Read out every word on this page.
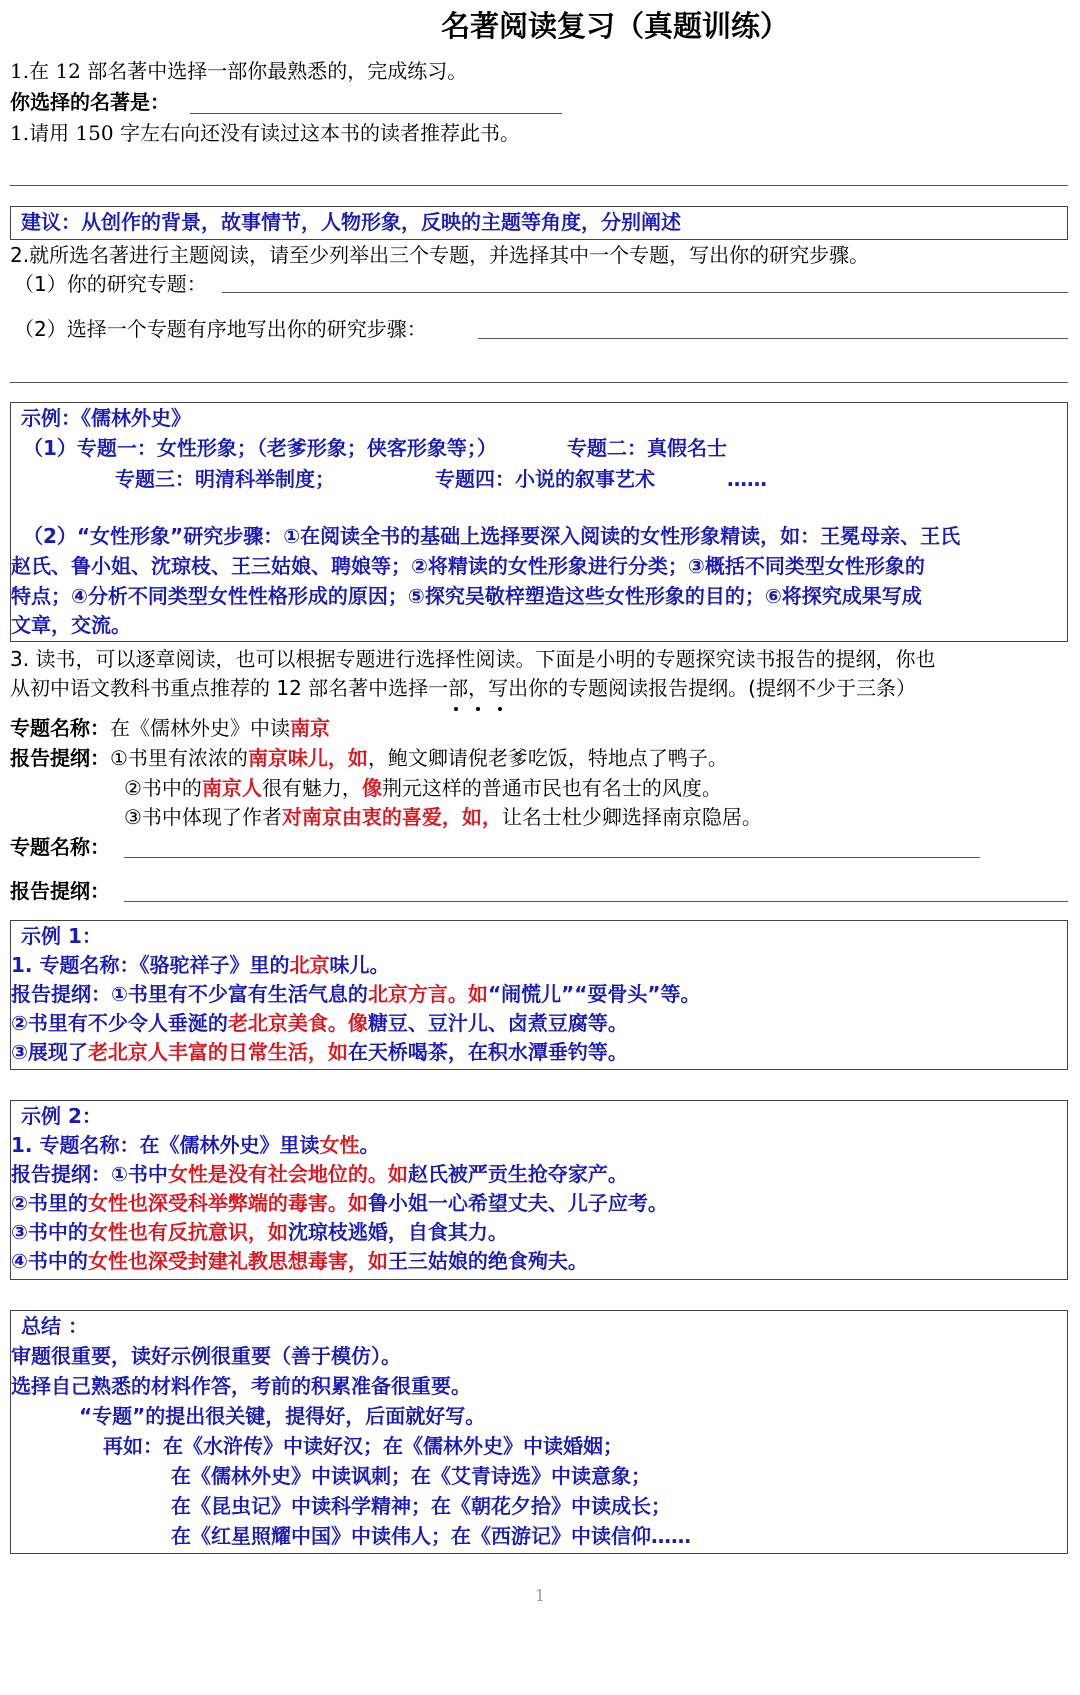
名著阅读复习（真题训练）
1.在 12 部名著中选择一部你最熟悉的，完成练习。
你选择的名著是：
1.请用 150 字左右向还没有读过这本书的读者推荐此书。
建议：从创作的背景，故事情节，人物形象，反映的主题等角度，分别阐述
2.就所选名著进行主题阅读，请至少列举出三个专题，并选择其中一个专题，写出你的研究步骤。
（1）你的研究专题：
（2）选择一个专题有序地写出你的研究步骤：
示例：《儒林外史》
（1）专题一：女性形象；（老爹形象；侠客形象等；）	专题二：真假名士
专题三：明清科举制度；	专题四：小说的叙事艺术	……
（2）“女性形象”研究步骤：①在阅读全书的基础上选择要深入阅读的女性形象精读，如：王冕母亲、王氏
赵氏、鲁小姐、沈琼枝、王三姑娘、聘娘等；②将精读的女性形象进行分类；③概括不同类型女性形象的
特点；④分析不同类型女性性格形成的原因；⑤探究吴敬梓塑造这些女性形象的目的；⑥将探究成果写成
文章，交流。
3. 读书，可以逐章阅读，也可以根据专题进行选择性阅读。下面是小明的专题探究读书报告的提纲，你也
从初中语文教科书重点推荐的 12 部名著中选择一部，写出你的专题阅读报告提纲。(提纲不少于三条）
专题名称：在《儒林外史》中读南京
报告提纲：①书里有浓浓的南京味儿，如，鲍文卿请倪老爹吃饭，特地点了鸭子。
②书中的南京人很有魅力，像荆元这样的普通市民也有名士的风度。
③书中体现了作者对南京由衷的喜爱，如，让名士杜少卿选择南京隐居。
专题名称：
报告提纲：
示例 1：
1. 专题名称：《骆驼祥子》里的北京味儿。
报告提纲：①书里有不少富有生活气息的北京方言。如“闹慌儿”“耍骨头”等。
②书里有不少令人垂涎的老北京美食。像糖豆、豆汁儿、卤煮豆腐等。
③展现了老北京人丰富的日常生活，如在天桥喝茶，在积水潭垂钓等。
示例 2：
1. 专题名称：在《儒林外史》里读女性。
报告提纲：①书中女性是没有社会地位的。如赵氏被严贡生抢夺家产。
②书里的女性也深受科举弊端的毒害。如鲁小姐一心希望丈夫、儿子应考。
③书中的女性也有反抗意识，如沈琼枝逃婚，自食其力。
④书中的女性也深受封建礼教思想毒害，如王三姑娘的绝食殉夫。
总结 ：
审题很重要，读好示例很重要（善于模仿）。
选择自己熟悉的材料作答，考前的积累准备很重要。
“专题”的提出很关键，提得好，后面就好写。
再如：在《水浒传》中读好汉；在《儒林外史》中读婚姻；
在《儒林外史》中读讽刺；在《艾青诗选》中读意象；
在《昆虫记》中读科学精神；在《朝花夕拾》中读成长；
在《红星照耀中国》中读伟人；在《西游记》中读信仰……
1
